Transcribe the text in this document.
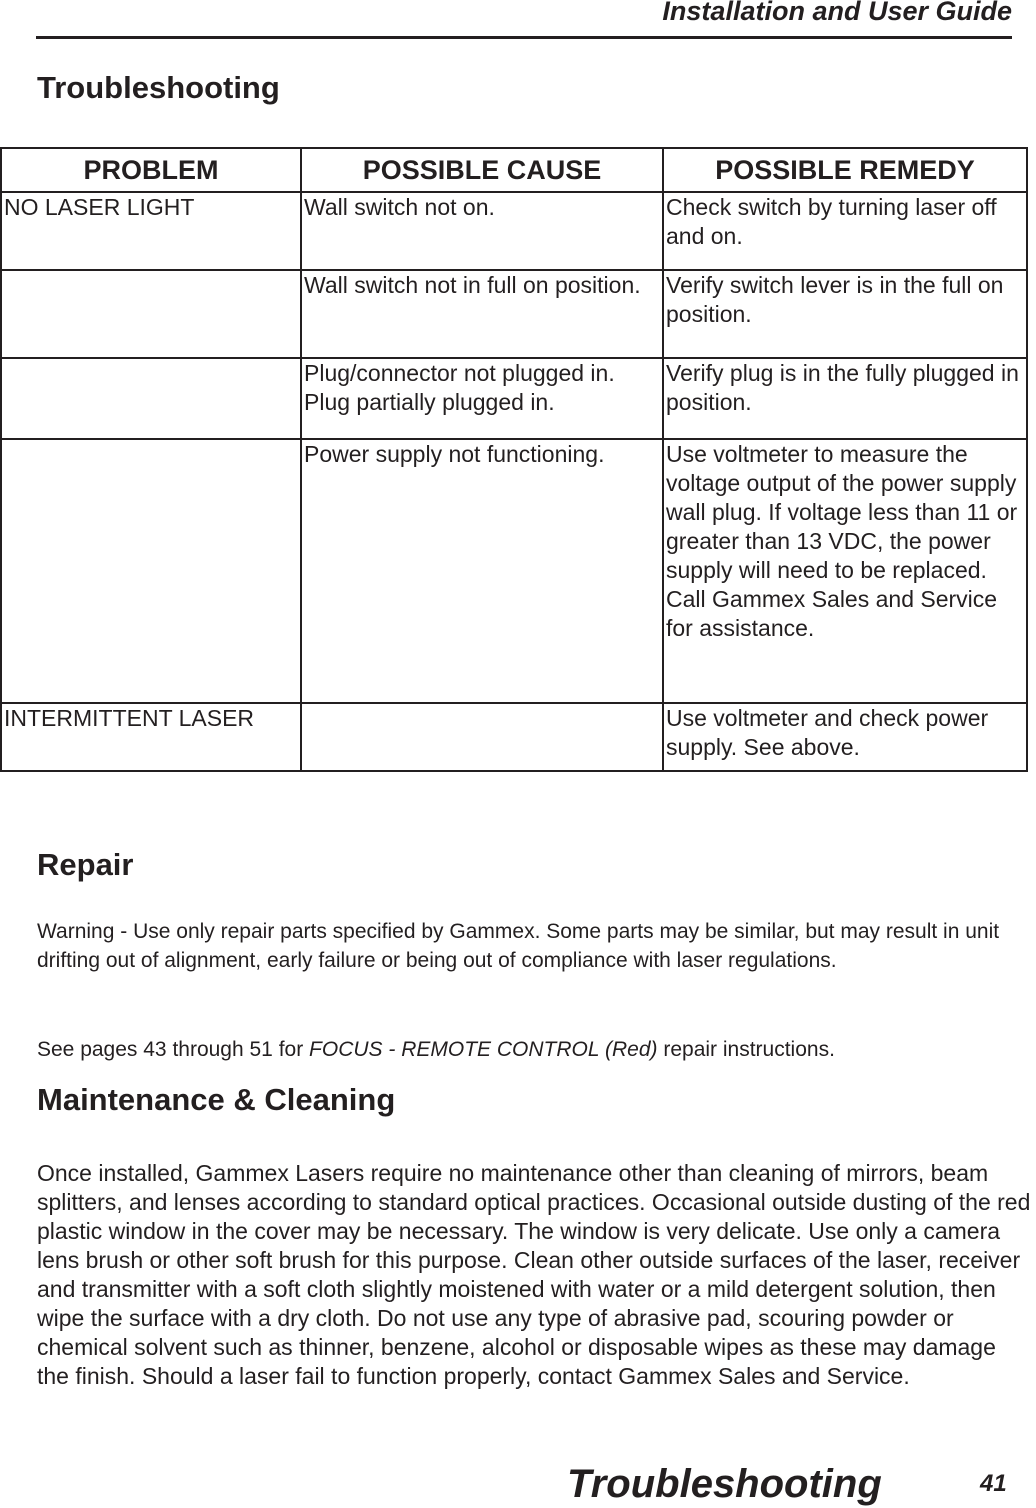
Installation and User Guide
Troubleshooting
PROBLEM	POSSIBLE CAUSE	POSSIBLE REMEDY
NO LASER LIGHT	Wall switch not on.	Check switch by turning laser off and on.
	Wall switch not in full on position.	Verify switch lever is in the full on position.
	Plug/connector not plugged in. Plug partially plugged in.	Verify plug is in the fully plugged in position.
	Power supply not functioning.	Use voltmeter to measure the voltage output of the power supply wall plug. If voltage less than 11 or greater than 13 VDC, the power supply will need to be replaced. Call Gammex Sales and Service for assistance.
INTERMITTENT LASER		Use voltmeter and check power supply. See above.
Repair
Warning - Use only repair parts specified by Gammex. Some parts may be similar, but may result in unit drifting out of alignment, early failure or being out of compliance with laser regulations.
See pages 43 through 51 for FOCUS - REMOTE CONTROL (Red) repair instructions.
Maintenance & Cleaning
Once installed, Gammex Lasers require no maintenance other than cleaning of mirrors, beam splitters, and lenses according to standard optical practices. Occasional outside dusting of the red plastic window in the cover may be necessary. The window is very delicate. Use only a camera lens brush or other soft brush for this purpose. Clean other outside surfaces of the laser, receiver and transmitter with a soft cloth slightly moistened with water or a mild detergent solution, then wipe the surface with a dry cloth. Do not use any type of abrasive pad, scouring powder or chemical solvent such as thinner, benzene, alcohol or disposable wipes as these may damage the finish. Should a laser fail to function properly, contact Gammex Sales and Service.
Troubleshooting	41
